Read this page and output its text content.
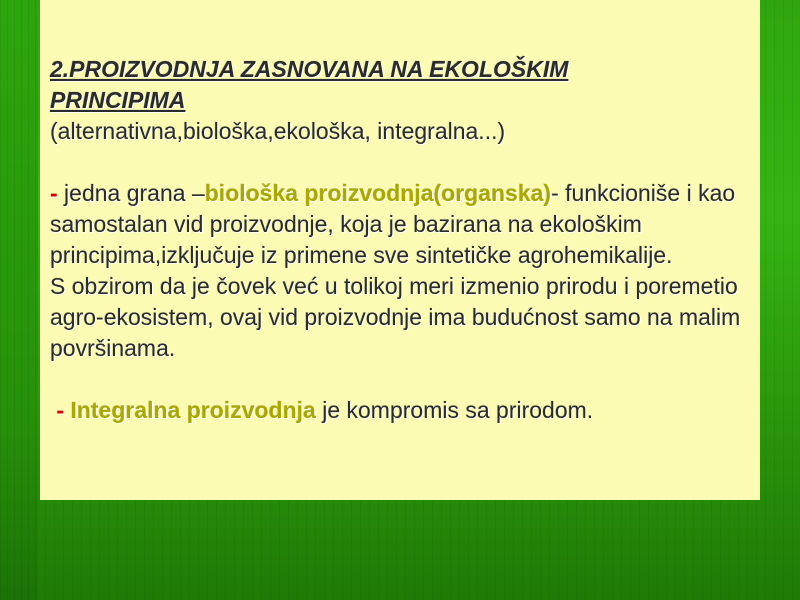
2.PROIZVODNJA ZASNOVANA NA EKOLOŠKIM
PRINCIPIMA
(alternativna,biološka,ekološka, integralna...)
- jedna grana –biološka proizvodnja(organska)- funkcioniše i kao samostalan vid proizvodnje, koja je bazirana na ekološkim principima,izključuje iz primene sve sintetičke agrohemikalije.
S obzirom da je čovek već u tolikoj meri izmenio prirodu i poremetio agro-ekosistem, ovaj vid proizvodnje ima budućnost samo na malim površinama.
- Integralna proizvodnja je kompromis sa prirodom.
